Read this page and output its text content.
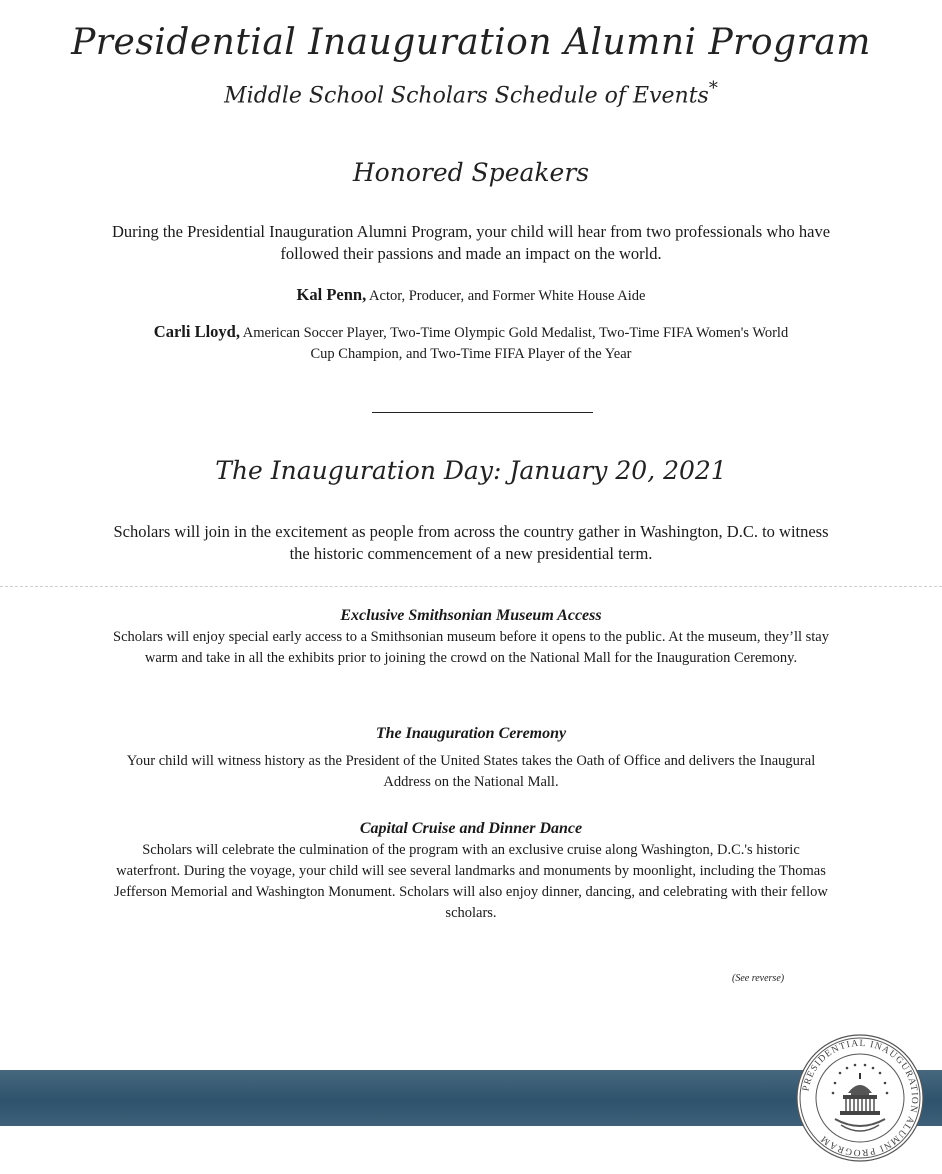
Presidential Inauguration Alumni Program
Middle School Scholars Schedule of Events*
Honored Speakers
During the Presidential Inauguration Alumni Program, your child will hear from two professionals who have followed their passions and made an impact on the world.
Kal Penn, Actor, Producer, and Former White House Aide
Carli Lloyd, American Soccer Player, Two-Time Olympic Gold Medalist, Two-Time FIFA Women's World Cup Champion, and Two-Time FIFA Player of the Year
The Inauguration Day: January 20, 2021
Scholars will join in the excitement as people from across the country gather in Washington, D.C. to witness the historic commencement of a new presidential term.
Exclusive Smithsonian Museum Access
Scholars will enjoy special early access to a Smithsonian museum before it opens to the public. At the museum, they’ll stay warm and take in all the exhibits prior to joining the crowd on the National Mall for the Inauguration Ceremony.
The Inauguration Ceremony
Your child will witness history as the President of the United States takes the Oath of Office and delivers the Inaugural Address on the National Mall.
Capital Cruise and Dinner Dance
Scholars will celebrate the culmination of the program with an exclusive cruise along Washington, D.C.'s historic waterfront. During the voyage, your child will see several landmarks and monuments by moonlight, including the Thomas Jefferson Memorial and Washington Monument. Scholars will also enjoy dinner, dancing, and celebrating with their fellow scholars.
(See reverse)
PRESIDENTIAL INAUGURATION ALUMNI PROGRAM
